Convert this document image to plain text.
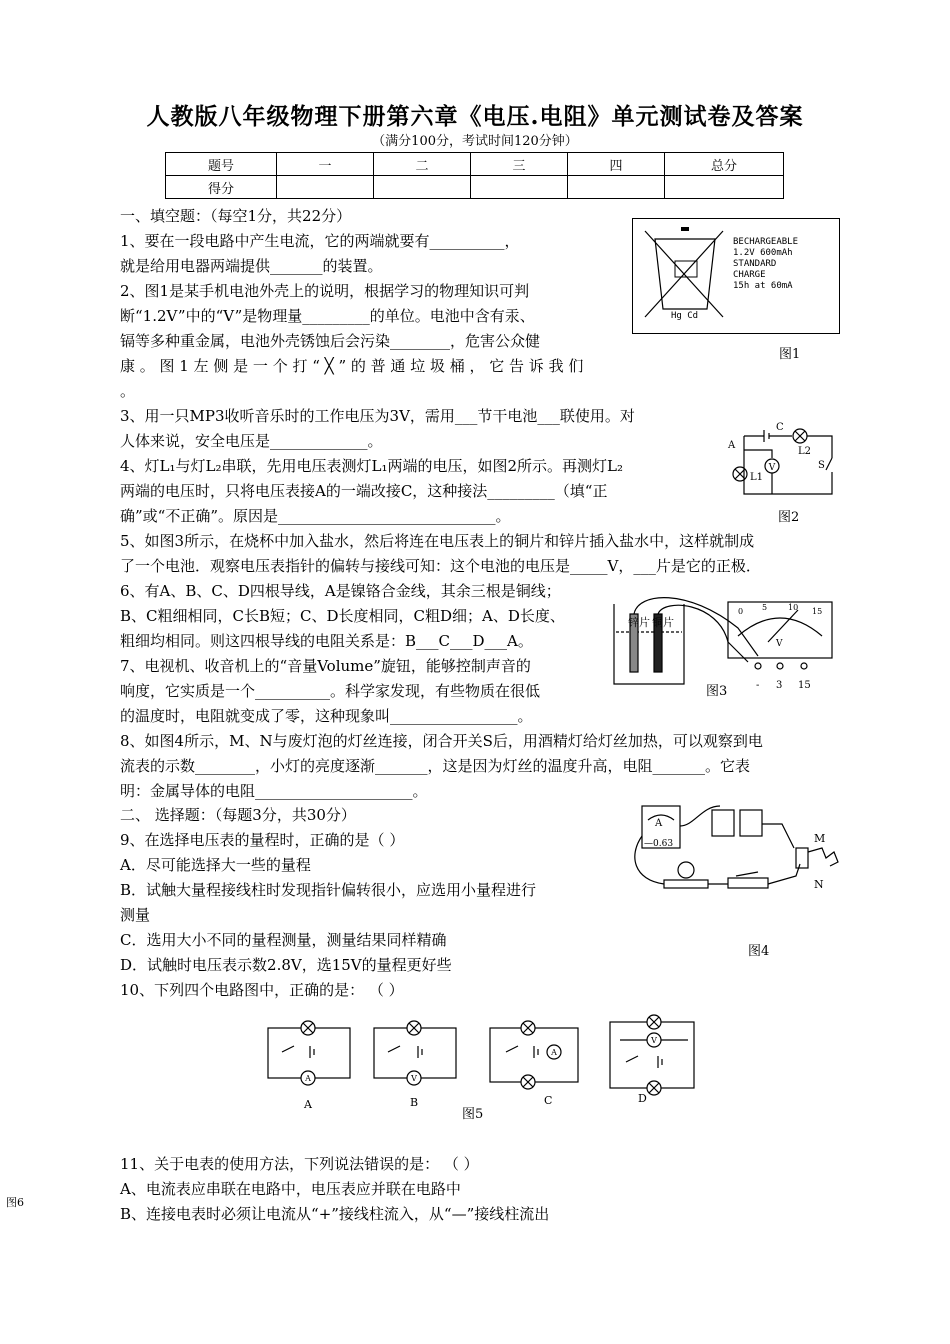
人教版八年级物理下册第六章《电压.电阻》单元测试卷及答案
（满分100分，考试时间120分钟）
题号	一	二	三	四	总分
得分					
一、填空题：（每空1分，共22分）
1、要在一段电路中产生电流，它的两端就要有__________，
就是给用电器两端提供_______的装置。
2、图1是某手机电池外壳上的说明，根据学习的物理知识可判
断“1.2V”中的“V”是物理量_________的单位。电池中含有汞、
镉等多种重金属，电池外壳锈蚀后会污染________，危害公众健
康 。 图 1 左 侧 是 一 个 打 “ ╳ ” 的 普 通 垃 圾 桶 ， 它 告 诉 我 们
。
3、用一只MP3收听音乐时的工作电压为3V，需用___节干电池___联使用。对
人体来说，安全电压是_____________。
4、灯L₁与灯L₂串联，先用电压表测灯L₁两端的电压，如图2所示。再测灯L₂
两端的电压时，只将电压表接A的一端改接C，这种接法_________（填“正
确”或“不正确”。原因是_____________________________。
5、如图3所示，在烧杯中加入盐水，然后将连在电压表上的铜片和锌片插入盐水中，这样就制成
了一个电池．观察电压表指针的偏转与接线可知：这个电池的电压是_____V，___片是它的正极．
6、有A、B、C、D四根导线，A是镍铬合金线，其余三根是铜线；
B、C粗细相同，C长B短；C、D长度相同，C粗D细；A、D长度、
粗细均相同。则这四根导线的电阻关系是：B___C___D___A。
7、电视机、收音机上的“音量Volume”旋钮，能够控制声音的
响度，它实质是一个__________。科学家发现，有些物质在很低
的温度时，电阻就变成了零，这种现象叫_________________。
8、如图4所示，M、N与废灯泡的灯丝连接，闭合开关S后，用酒精灯给灯丝加热，可以观察到电
流表的示数________，小灯的亮度逐渐_______，这是因为灯丝的温度升高，电阻_______。它表
明：金属导体的电阻_____________________。
二、 选择题：（每题3分，共30分）
9、在选择电压表的量程时，正确的是（ ）
A．尽可能选择大一些的量程
B．试触大量程接线柱时发现指针偏转很小，应选用小量程进行
测量
C．选用大小不同的量程测量，测量结果同样精确
D．试触时电压表示数2.8V，选15V的量程更好些
10、下列四个电路图中，正确的是： （ ）
11、关于电表的使用方法，下列说法错误的是： （ ）
A、电流表应串联在电路中，电压表应并联在电路中
B、连接电表时必须让电流从“+”接线柱流入，从“—”接线柱流出
Hg Cd
BECHARGEABLE
1.2V 600mAh
STANDARD
CHARGE
15h at 60mA
图1
V
A
C
L2
L1
S
图2
锌片 铜片
0 5	10 15
V
- 3 15
图3
A
—0.63	M
N
图4
A	V
A
V
A	B	C	D
图5
图6
